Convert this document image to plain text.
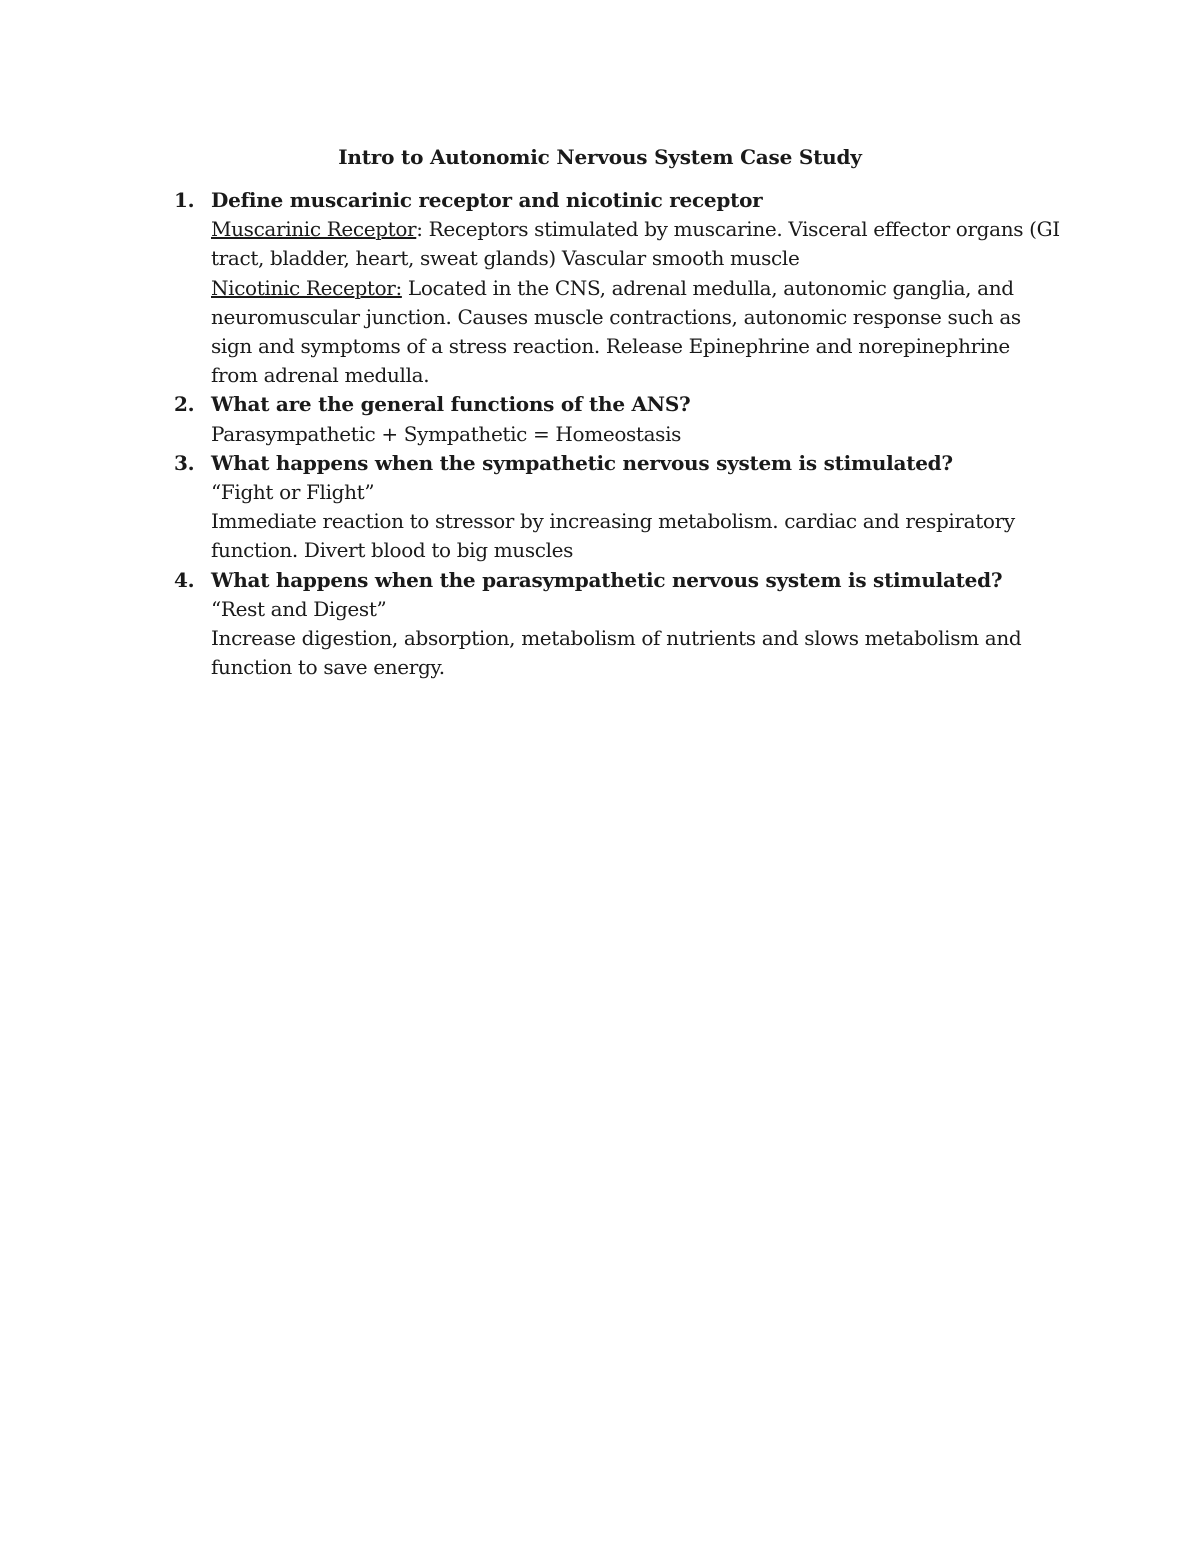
Intro to Autonomic Nervous System Case Study
1. Define muscarinic receptor and nicotinic receptor
Muscarinic Receptor: Receptors stimulated by muscarine. Visceral effector organs (GI tract, bladder, heart, sweat glands) Vascular smooth muscle
Nicotinic Receptor: Located in the CNS, adrenal medulla, autonomic ganglia, and neuromuscular junction. Causes muscle contractions, autonomic response such as sign and symptoms of a stress reaction. Release Epinephrine and norepinephrine from adrenal medulla.
2. What are the general functions of the ANS?
Parasympathetic + Sympathetic = Homeostasis
3. What happens when the sympathetic nervous system is stimulated?
“Fight or Flight”
Immediate reaction to stressor by increasing metabolism. cardiac and respiratory function. Divert blood to big muscles
4. What happens when the parasympathetic nervous system is stimulated?
“Rest and Digest”
Increase digestion, absorption, metabolism of nutrients and slows metabolism and function to save energy.
